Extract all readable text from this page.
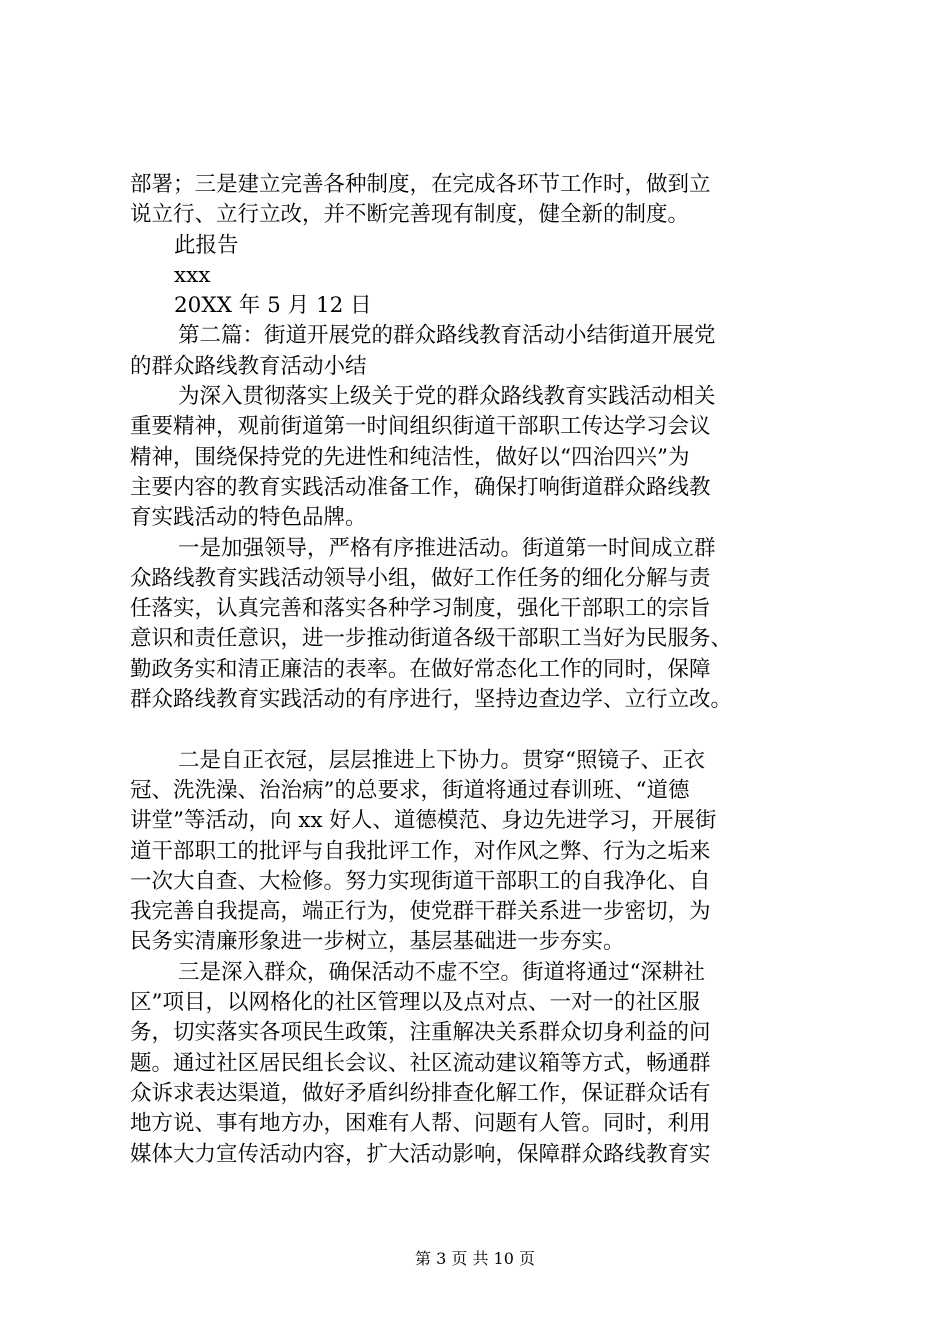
部署；三是建立完善各种制度，在完成各环节工作时，做到立
说立行、立行立改，并不断完善现有制度，健全新的制度。
此报告
xxx
20XX 年 5 月 12 日
第二篇：街道开展党的群众路线教育活动小结街道开展党
的群众路线教育活动小结
为深入贯彻落实上级关于党的群众路线教育实践活动相关
重要精神，观前街道第一时间组织街道干部职工传达学习会议
精神，围绕保持党的先进性和纯洁性，做好以“四治四兴”为
主要内容的教育实践活动准备工作，确保打响街道群众路线教
育实践活动的特色品牌。
一是加强领导，严格有序推进活动。街道第一时间成立群
众路线教育实践活动领导小组，做好工作任务的细化分解与责
任落实，认真完善和落实各种学习制度，强化干部职工的宗旨
意识和责任意识，进一步推动街道各级干部职工当好为民服务、
勤政务实和清正廉洁的表率。在做好常态化工作的同时，保障
群众路线教育实践活动的有序进行，坚持边查边学、立行立改。
二是自正衣冠，层层推进上下协力。贯穿“照镜子、正衣
冠、洗洗澡、治治病”的总要求，街道将通过春训班、“道德
讲堂”等活动，向 xx 好人、道德模范、身边先进学习，开展街
道干部职工的批评与自我批评工作，对作风之弊、行为之垢来
一次大自查、大检修。努力实现街道干部职工的自我净化、自
我完善自我提高，端正行为，使党群干群关系进一步密切，为
民务实清廉形象进一步树立，基层基础进一步夯实。
三是深入群众，确保活动不虚不空。街道将通过“深耕社
区”项目，以网格化的社区管理以及点对点、一对一的社区服
务，切实落实各项民生政策，注重解决关系群众切身利益的问
题。通过社区居民组长会议、社区流动建议箱等方式，畅通群
众诉求表达渠道，做好矛盾纠纷排查化解工作，保证群众话有
地方说、事有地方办，困难有人帮、问题有人管。同时，利用
媒体大力宣传活动内容，扩大活动影响，保障群众路线教育实
第 3 页 共 10 页
